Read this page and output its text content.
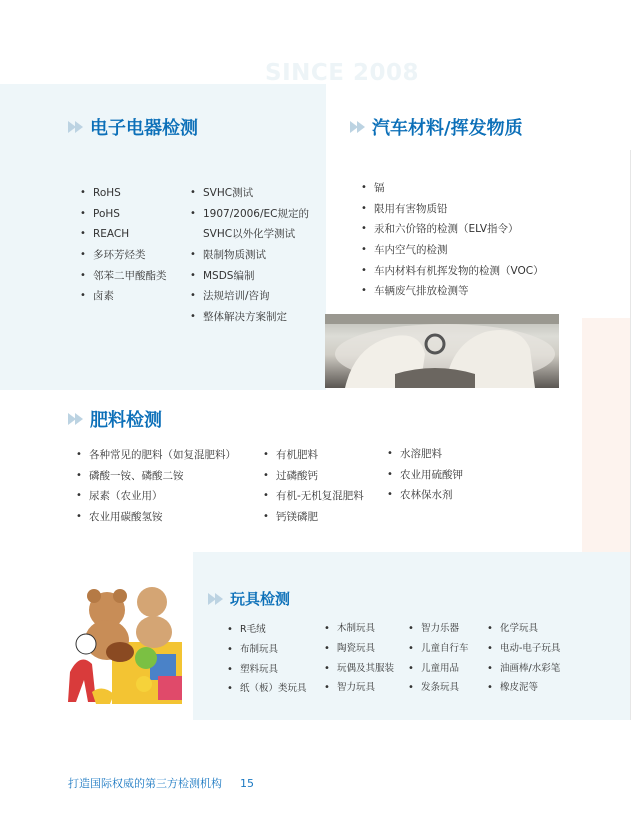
SINCE 2008
电子电器检测
• RoHS
• PoHS
• REACH
• 多环芳烃类
• 邻苯二甲酸酯类
• 卤素
• SVHC测试
• 1907/2006/EC规定的
SVHC以外化学测试
• 限制物质测试
• MSDS编制
• 法规培训/咨询
• 整体解决方案制定
汽车材料/挥发物质
• 镉
• 限用有害物质铅
• 汞和六价铬的检测（ELV指令）
• 车内空气的检测
• 车内材料有机挥发物的检测（VOC）
• 车辆废气排放检测等
肥料检测
• 各种常见的肥料（如复混肥料）
• 磷酸一铵、磷酸二铵
• 尿素（农业用）
• 农业用碳酸氢铵
• 有机肥料
• 过磷酸钙
• 有机-无机复混肥料
• 钙镁磷肥
• 水溶肥料
• 农业用硫酸钾
• 农林保水剂
玩具检测
• R毛绒
• 布制玩具
• 塑料玩具
• 纸（板）类玩具
• 木制玩具
• 陶瓷玩具
• 玩偶及其服装
• 智力玩具
• 智力乐器
• 儿童自行车
• 儿童用品
• 发条玩具
• 化学玩具
• 电动-电子玩具
• 油画棒/水彩笔
• 橡皮泥等
打造国际权威的第三方检测机构 15
